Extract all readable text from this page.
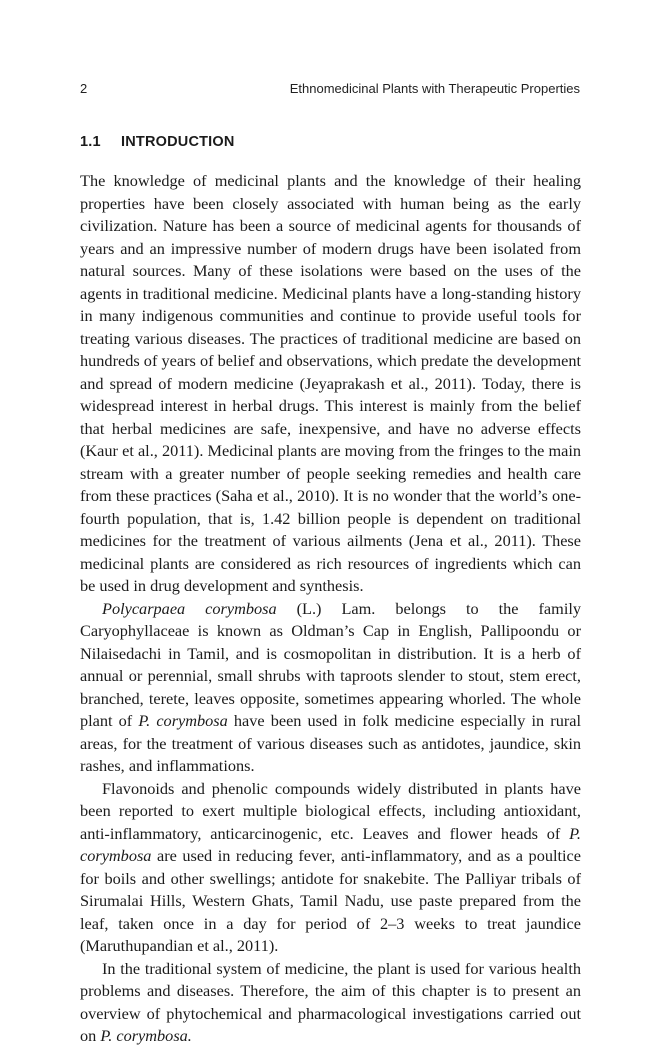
2	Ethnomedicinal Plants with Therapeutic Properties
1.1 INTRODUCTION

The knowledge of medicinal plants and the knowledge of their healing properties have been closely associated with human being as the early civilization. Nature has been a source of medicinal agents for thousands of years and an impressive number of modern drugs have been isolated from natural sources. Many of these isolations were based on the uses of the agents in traditional medicine. Medicinal plants have a long-standing history in many indigenous communities and continue to provide useful tools for treating various diseases. The practices of traditional medicine are based on hundreds of years of belief and observations, which predate the development and spread of modern medicine (Jeyaprakash et al., 2011). Today, there is widespread interest in herbal drugs. This interest is mainly from the belief that herbal medicines are safe, inexpensive, and have no adverse effects (Kaur et al., 2011). Medicinal plants are moving from the fringes to the main stream with a greater number of people seeking remedies and health care from these practices (Saha et al., 2010). It is no wonder that the world’s one-fourth population, that is, 1.42 billion people is dependent on traditional medicines for the treatment of various ailments (Jena et al., 2011). These medicinal plants are considered as rich resources of ingredients which can be used in drug development and synthesis.

Polycarpaea corymbosa (L.) Lam. belongs to the family Caryophyllaceae is known as Oldman’s Cap in English, Pallipoondu or Nilaisedachi in Tamil, and is cosmopolitan in distribution. It is a herb of annual or perennial, small shrubs with taproots slender to stout, stem erect, branched, terete, leaves opposite, sometimes appearing whorled. The whole plant of P. corymbosa have been used in folk medicine especially in rural areas, for the treatment of various diseases such as antidotes, jaundice, skin rashes, and inflammations.

Flavonoids and phenolic compounds widely distributed in plants have been reported to exert multiple biological effects, including antioxidant, anti-inflammatory, anticarcinogenic, etc. Leaves and flower heads of P. corymbosa are used in reducing fever, anti-inflammatory, and as a poultice for boils and other swellings; antidote for snakebite. The Palliyar tribals of Sirumalai Hills, Western Ghats, Tamil Nadu, use paste prepared from the leaf, taken once in a day for period of 2–3 weeks to treat jaundice (Maruthupandian et al., 2011).

In the traditional system of medicine, the plant is used for various health problems and diseases. Therefore, the aim of this chapter is to present an overview of phytochemical and pharmacological investigations carried out on P. corymbosa.
